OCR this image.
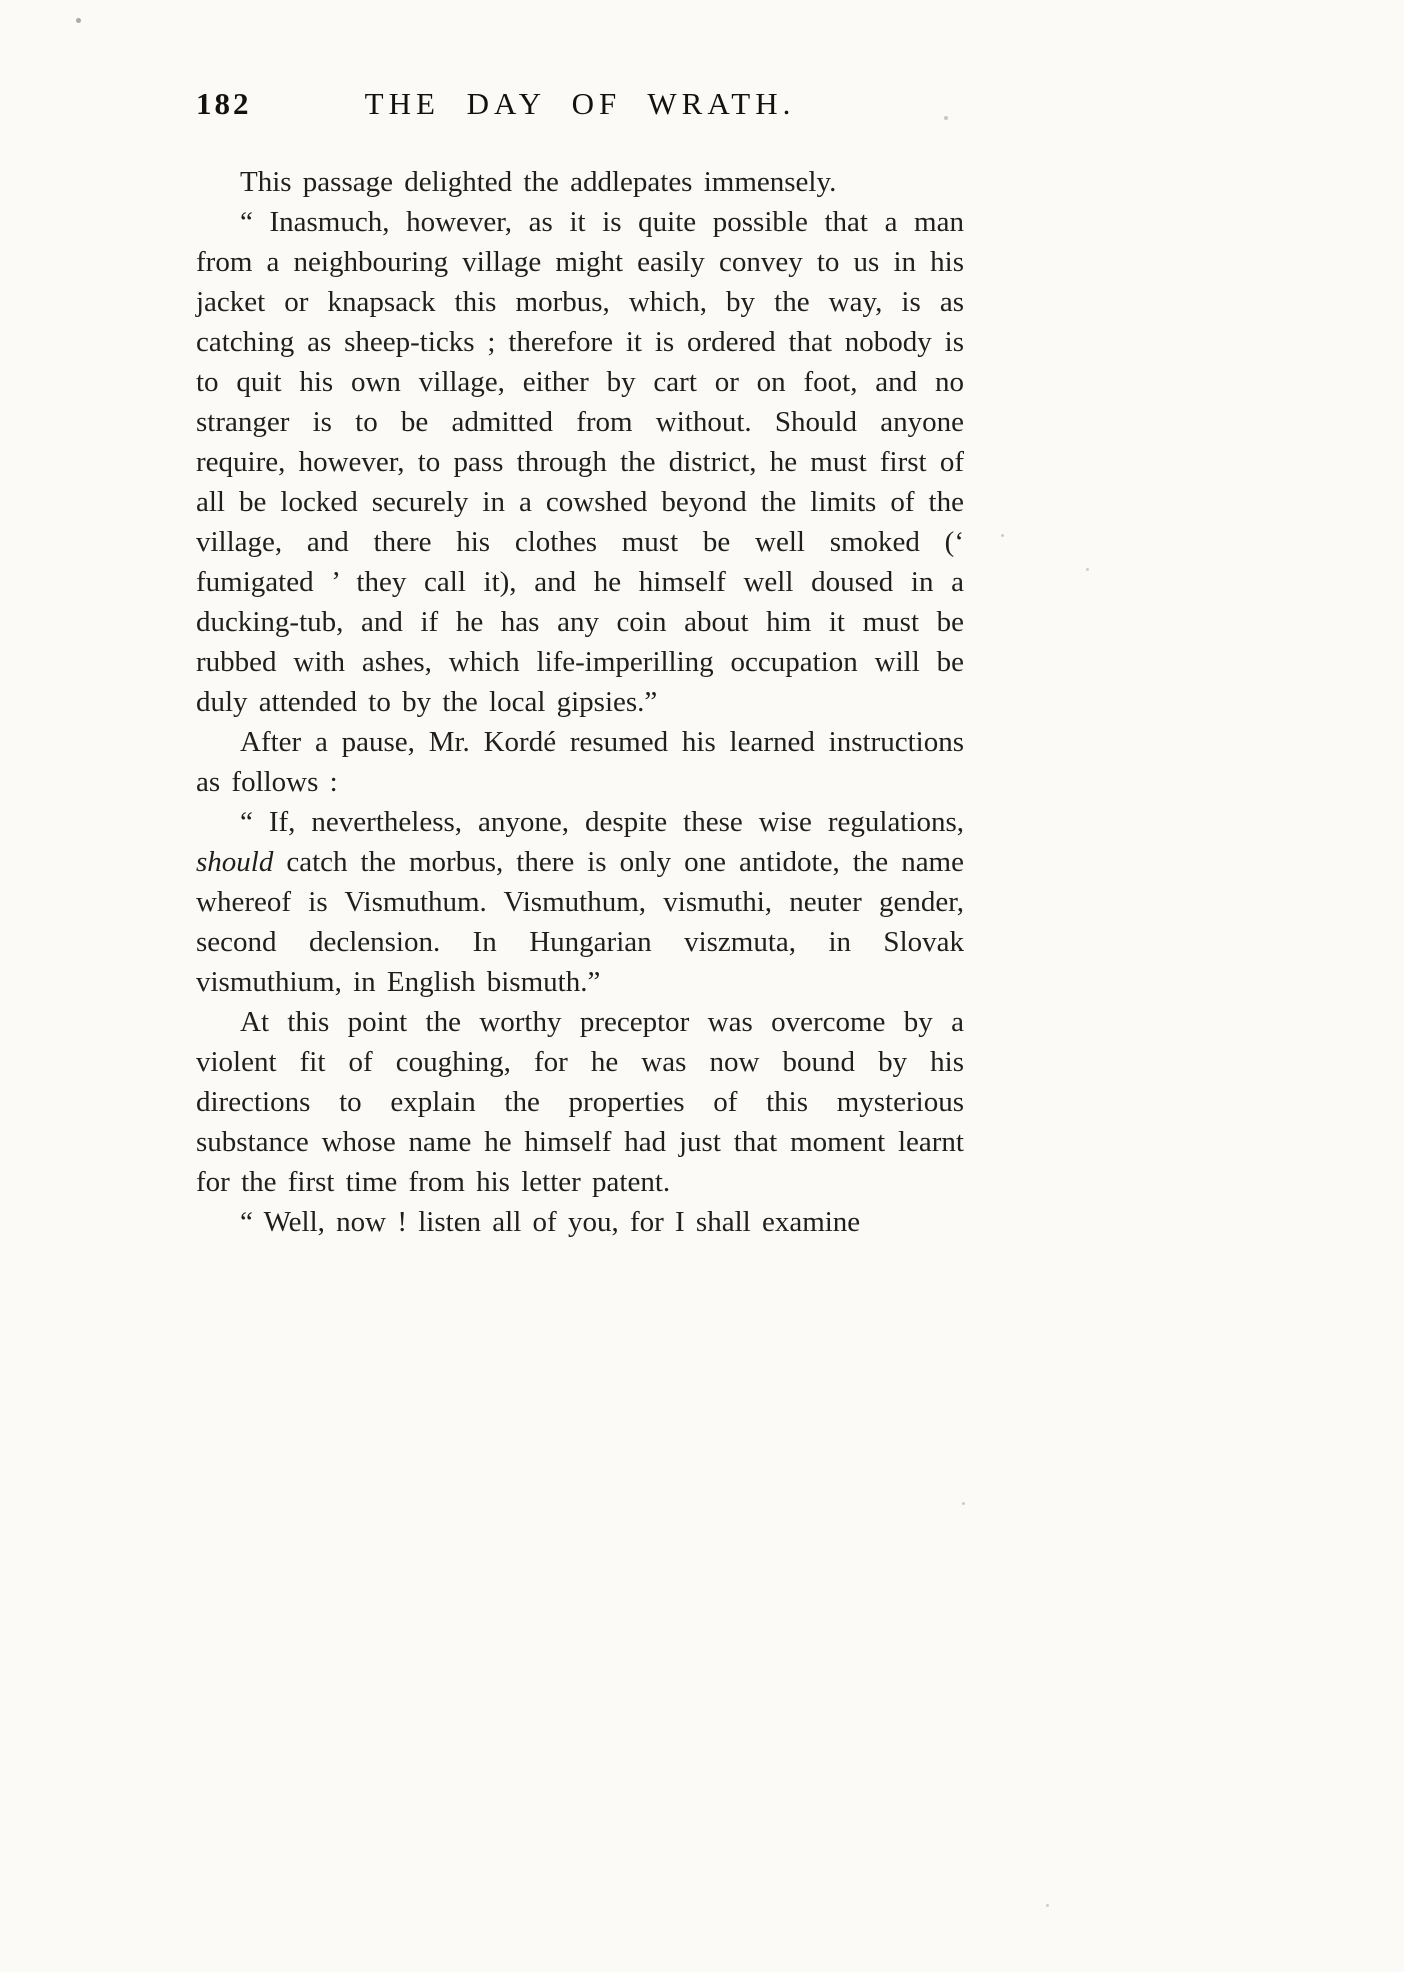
182	THE DAY OF WRATH.

This passage delighted the addlepates immensely.

“ Inasmuch, however, as it is quite possible that a man from a neighbouring village might easily convey to us in his jacket or knapsack this morbus, which, by the way, is as catching as sheep-ticks ; therefore it is ordered that nobody is to quit his own village, either by cart or on foot, and no stranger is to be admitted from without. Should anyone require, however, to pass through the district, he must first of all be locked securely in a cowshed beyond the limits of the village, and there his clothes must be well smoked (‘ fumigated ’ they call it), and he himself well doused in a ducking-tub, and if he has any coin about him it must be rubbed with ashes, which life-imperilling occupation will be duly attended to by the local gipsies.”

After a pause, Mr. Kordé resumed his learned instructions as follows :

“ If, nevertheless, anyone, despite these wise regulations, should catch the morbus, there is only one antidote, the name whereof is Vismuthum. Vismuthum, vismuthi, neuter gender, second declension. In Hungarian viszmuta, in Slovak vismuthium, in English bismuth.”

At this point the worthy preceptor was overcome by a violent fit of coughing, for he was now bound by his directions to explain the properties of this mysterious substance whose name he himself had just that moment learnt for the first time from his letter patent.

“ Well, now ! listen all of you, for I shall examine
